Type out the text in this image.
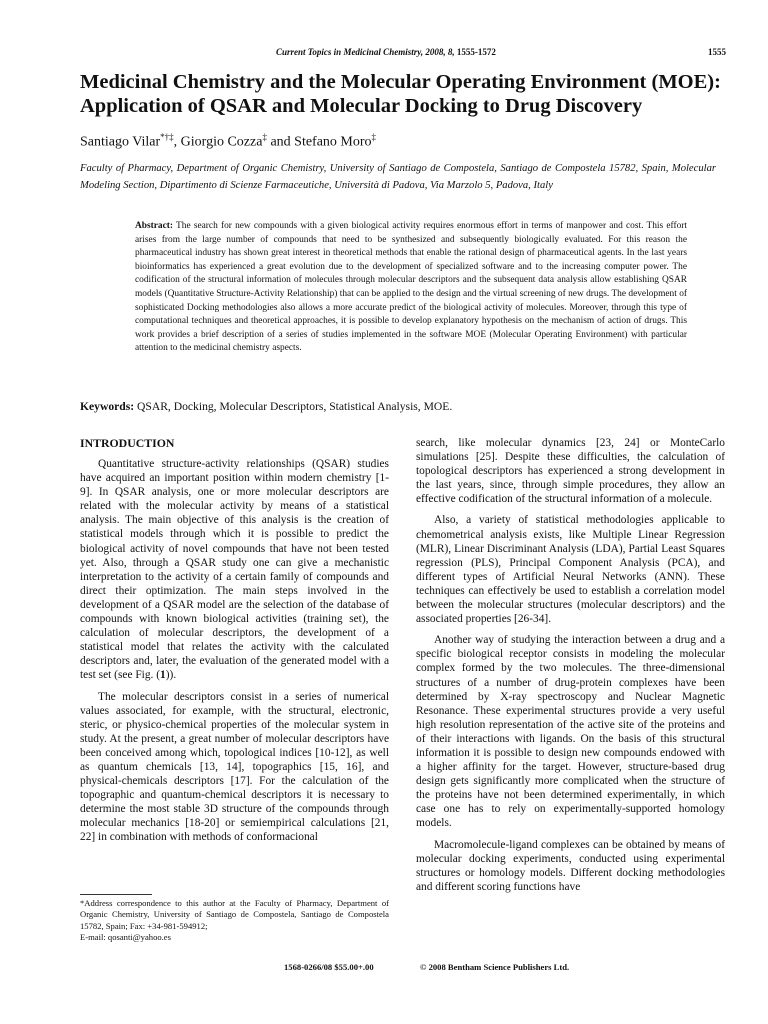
Current Topics in Medicinal Chemistry, 2008, 8, 1555-1572	1555
Medicinal Chemistry and the Molecular Operating Environment (MOE): Application of QSAR and Molecular Docking to Drug Discovery
Santiago Vilar*†‡, Giorgio Cozza‡ and Stefano Moro‡
Faculty of Pharmacy, Department of Organic Chemistry, University of Santiago de Compostela, Santiago de Compostela 15782, Spain, Molecular Modeling Section, Dipartimento di Scienze Farmaceutiche, Università di Padova, Via Marzolo 5, Padova, Italy
Abstract: The search for new compounds with a given biological activity requires enormous effort in terms of manpower and cost. This effort arises from the large number of compounds that need to be synthesized and subsequently biologically evaluated. For this reason the pharmaceutical industry has shown great interest in theoretical methods that enable the rational design of pharmaceutical agents. In the last years bioinformatics has experienced a great evolution due to the development of specialized software and to the increasing computer power. The codification of the structural information of molecules through molecular descriptors and the subsequent data analysis allow establishing QSAR models (Quantitative Structure-Activity Relationship) that can be applied to the design and the virtual screening of new drugs. The development of sophisticated Docking methodologies also allows a more accurate predict of the biological activity of molecules. Moreover, through this type of computational techniques and theoretical approaches, it is possible to develop explanatory hypothesis on the mechanism of action of drugs. This work provides a brief description of a series of studies implemented in the software MOE (Molecular Operating Environment) with particular attention to the medicinal chemistry aspects.
Keywords: QSAR, Docking, Molecular Descriptors, Statistical Analysis, MOE.
INTRODUCTION

Quantitative structure-activity relationships (QSAR) studies have acquired an important position within modern chemistry [1-9]. In QSAR analysis, one or more molecular descriptors are related with the molecular activity by means of a statistical analysis. The main objective of this analysis is the creation of statistical models through which it is possible to predict the biological activity of novel compounds that have not been tested yet. Also, through a QSAR study one can give a mechanistic interpretation to the activity of a certain family of compounds and direct their optimization. The main steps involved in the development of a QSAR model are the selection of the database of compounds with known biological activities (training set), the calculation of molecular descriptors, the development of a statistical model that relates the activity with the calculated descriptors and, later, the evaluation of the generated model with a test set (see Fig. (1)).

The molecular descriptors consist in a series of numerical values associated, for example, with the structural, electronic, steric, or physico-chemical properties of the molecular system in study. At the present, a great number of molecular descriptors have been conceived among which, topological indices [10-12], as well as quantum chemicals [13, 14], topographics [15, 16], and physical-chemicals descriptors [17]. For the calculation of the topographic and quantum-chemical descriptors it is necessary to determine the most stable 3D structure of the compounds through molecular mechanics [18-20] or semiempirical calculations [21, 22] in combination with methods of conformacional

search, like molecular dynamics [23, 24] or MonteCarlo simulations [25]. Despite these difficulties, the calculation of topological descriptors has experienced a strong development in the last years, since, through simple procedures, they allow an effective codification of the structural information of a molecule.

Also, a variety of statistical methodologies applicable to chemometrical analysis exists, like Multiple Linear Regression (MLR), Linear Discriminant Analysis (LDA), Partial Least Squares regression (PLS), Principal Component Analysis (PCA), and different types of Artificial Neural Networks (ANN). These techniques can effectively be used to establish a correlation model between the molecular structures (molecular descriptors) and the associated properties [26-34].

Another way of studying the interaction between a drug and a specific biological receptor consists in modeling the molecular complex formed by the two molecules. The three-dimensional structures of a number of drug-protein complexes have been determined by X-ray spectroscopy and Nuclear Magnetic Resonance. These experimental structures provide a very useful high resolution representation of the active site of the proteins and of their interactions with ligands. On the basis of this structural information it is possible to design new compounds endowed with a higher affinity for the target. However, structure-based drug design gets significantly more complicated when the structure of the proteins have not been determined experimentally, in which case one has to rely on experimentally-supported homology models.

Macromolecule-ligand complexes can be obtained by means of molecular docking experiments, conducted using experimental structures or homology models. Different docking methodologies and different scoring functions have

*Address correspondence to this author at the Faculty of Pharmacy, Department of Organic Chemistry, University of Santiago de Compostela, Santiago de Compostela 15782, Spain; Fax: +34-981-594912;
E-mail: qosanti@yahoo.es
1568-0266/08 $55.00+.00	© 2008 Bentham Science Publishers Ltd.
